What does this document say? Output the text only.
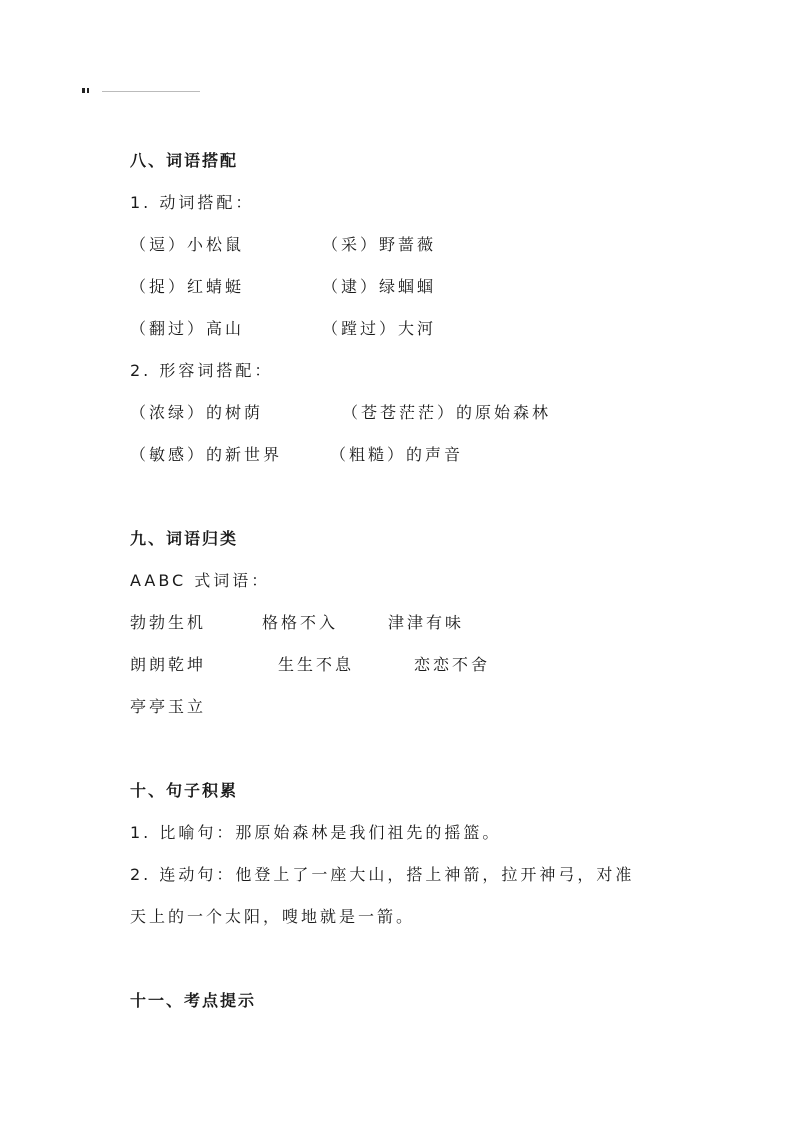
八、词语搭配
1. 动词搭配：
（逗）小松鼠	（采）野蔷薇
（捉）红蜻蜓	（逮）绿蝈蝈
（翻过）高山	（蹚过）大河
2. 形容词搭配：
（浓绿）的树荫	（苍苍茫茫）的原始森林
（敏感）的新世界	（粗糙）的声音
九、词语归类
AABC 式词语：
勃勃生机	格格不入	津津有味
朗朗乾坤	生生不息	恋恋不舍
亭亭玉立
十、句子积累
1. 比喻句：那原始森林是我们祖先的摇篮。
2. 连动句：他登上了一座大山，搭上神箭，拉开神弓，对准
天上的一个太阳，嗖地就是一箭。
十一、考点提示
